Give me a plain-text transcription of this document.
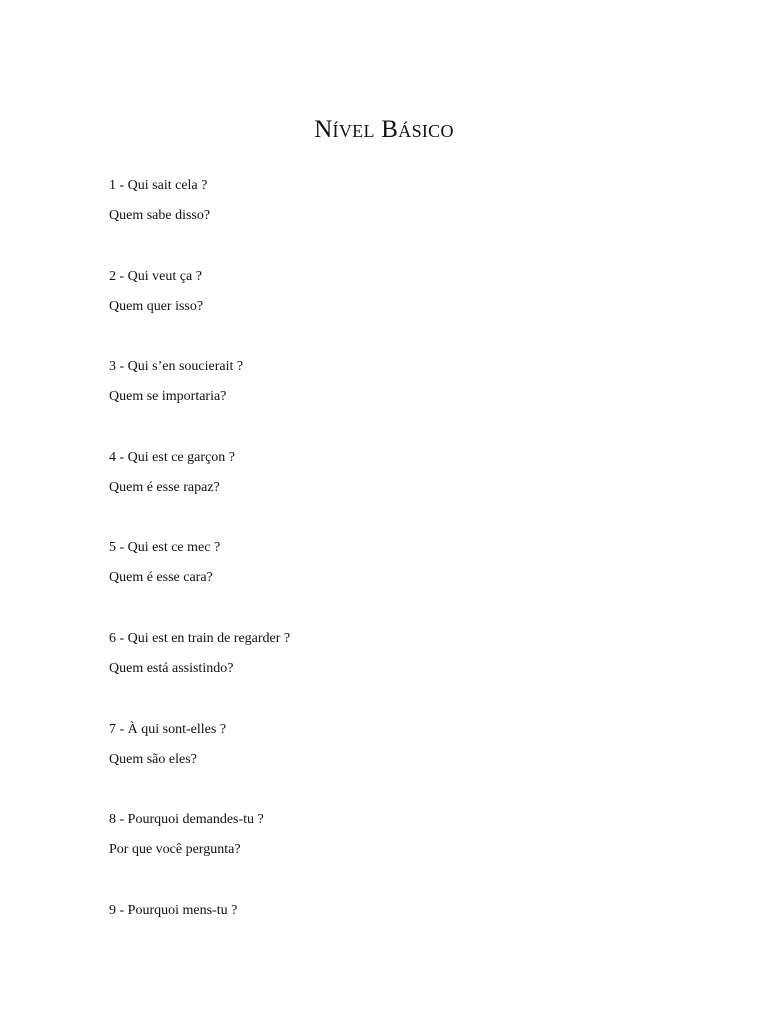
Nível Básico
1 - Qui sait cela ?
Quem sabe disso?
2 - Qui veut ça ?
Quem quer isso?
3 - Qui s’en soucierait ?
Quem se importaria?
4 - Qui est ce garçon ?
Quem é esse rapaz?
5 - Qui est ce mec ?
Quem é esse cara?
6 - Qui est en train de regarder ?
Quem está assistindo?
7 - À qui sont-elles ?
Quem são eles?
8 - Pourquoi demandes-tu ?
Por que você pergunta?
9 - Pourquoi mens-tu ?
